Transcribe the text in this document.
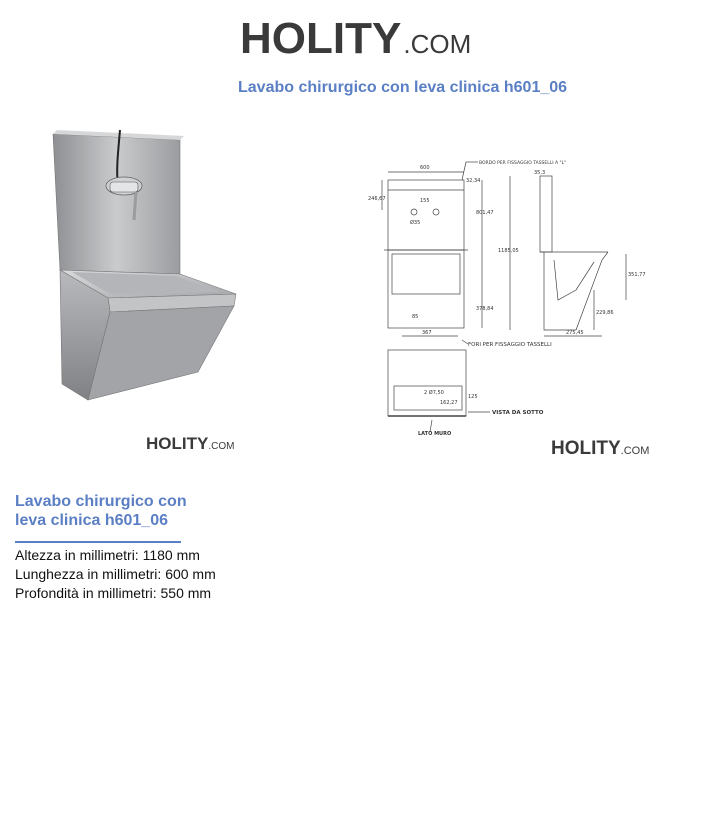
H O LITY .COM
Lavabo chirurgico con leva clinica h601_06
HOLITY .COM
600
35,3
32,34
246,67	155
Ø35
801,47
1185,05
351,77
378,84
229,86
85
367	275,45
2 Ø7,50
125
162,27
BORDO PER FISSAGGIO TASSELLI A "L"
FORI PER FISSAGGIO TASSELLI
VISTA DA SOTTO
LATO MURO
HOLITY .COM
Lavabo chirurgico con
leva clinica h601_06
Altezza in millimetri: 1180 mm
Lunghezza in millimetri: 600 mm
Profondità in millimetri: 550 mm
